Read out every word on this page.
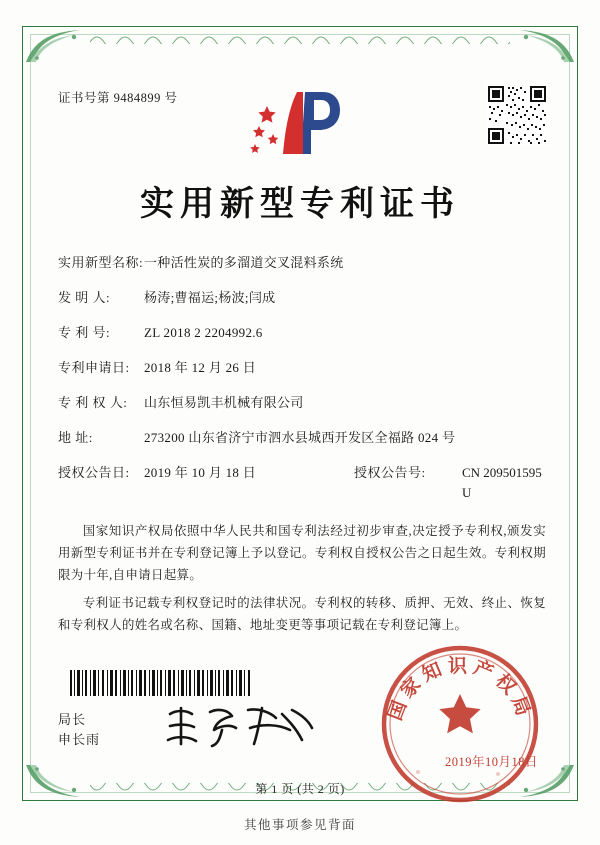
证书号第 9484899 号
实用新型专利证书
实用新型名称: 一种活性炭的多溜道交叉混料系统
发 明 人:	杨涛;曹福运;杨波;闫成
专 利 号:	ZL 2018 2 2204992.6
专利申请日:	2018 年 12 月 26 日
专 利 权 人:	山东恒易凯丰机械有限公司
地 址:	273200 山东省济宁市泗水县城西开发区全福路 024 号
授权公告日:	2019 年 10 月 18 日	授权公告号:	CN 209501595 U

国家知识产权局依照中华人民共和国专利法经过初步审查,决定授予专利权,颁发实用新型专利证书并在专利登记簿上予以登记。专利权自授权公告之日起生效。专利权期限为十年,自申请日起算。

专利证书记载专利权登记时的法律状况。专利权的转移、质押、无效、终止、恢复和专利权人的姓名或名称、国籍、地址变更等事项记载在专利登记簿上。

局长
申长雨
国家知识产权局
2019年10月18日
第 1 页 (共 2 页)
其他事项参见背面
